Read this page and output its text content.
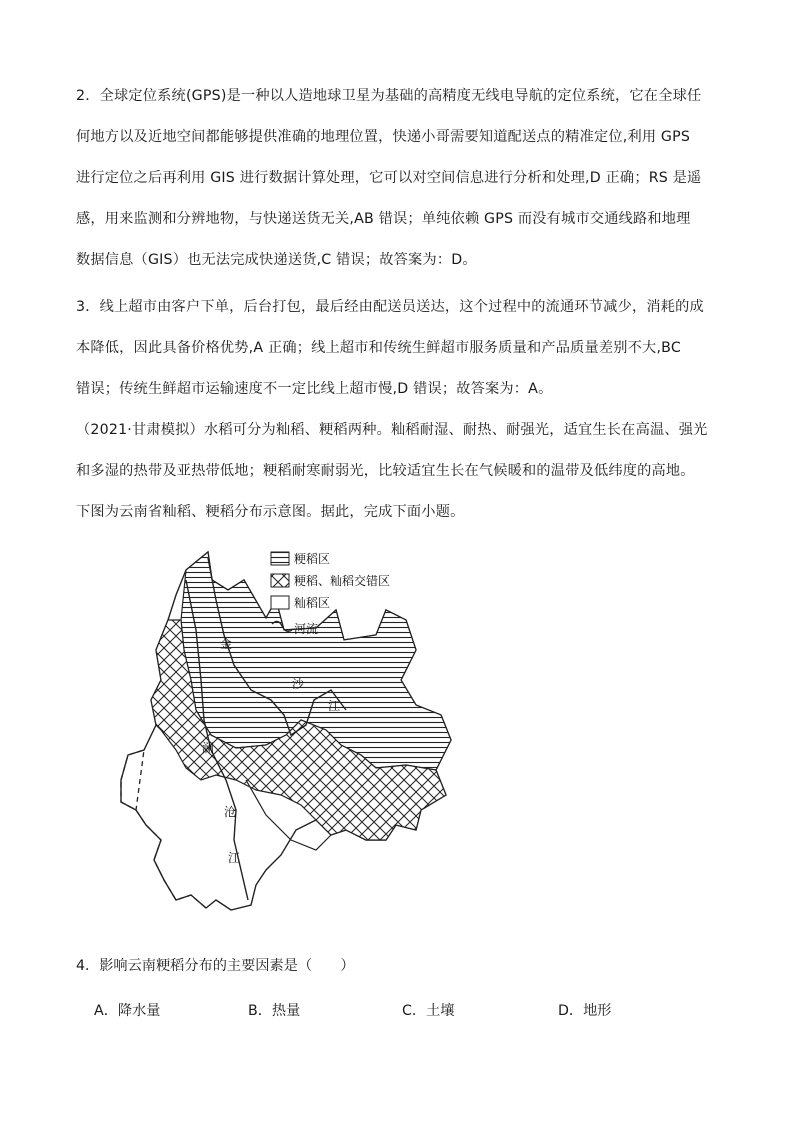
2．全球定位系统(GPS)是一种以人造地球卫星为基础的高精度无线电导航的定位系统，它在全球任
何地方以及近地空间都能够提供准确的地理位置，快递小哥需要知道配送点的精准定位,利用 GPS
进行定位之后再利用 GIS 进行数据计算处理，它可以对空间信息进行分析和处理,D 正确；RS 是遥
感，用来监测和分辨地物，与快递送货无关,AB 错误；单纯依赖 GPS 而没有城市交通线路和地理
数据信息（GIS）也无法完成快递送货,C 错误；故答案为：D。
3．线上超市由客户下单，后台打包，最后经由配送员送达，这个过程中的流通环节减少，消耗的成
本降低，因此具备价格优势,A 正确；线上超市和传统生鲜超市服务质量和产品质量差别不大,BC
错误；传统生鲜超市运输速度不一定比线上超市慢,D 错误；故答案为：A。
（2021·甘肃模拟）水稻可分为籼稻、粳稻两种。籼稻耐湿、耐热、耐强光，适宜生长在高温、强光
和多湿的热带及亚热带低地；粳稻耐寒耐弱光，比较适宜生长在气候暖和的温带及低纬度的高地。
下图为云南省籼稻、粳稻分布示意图。据此，完成下面小题。
粳稻区
粳稻、籼稻交错区
籼稻区
河流
金
沙
江
澜
沧
江

4．影响云南粳稻分布的主要因素是（　　）

A．降水量	B．热量	C．土壤	D．地形
